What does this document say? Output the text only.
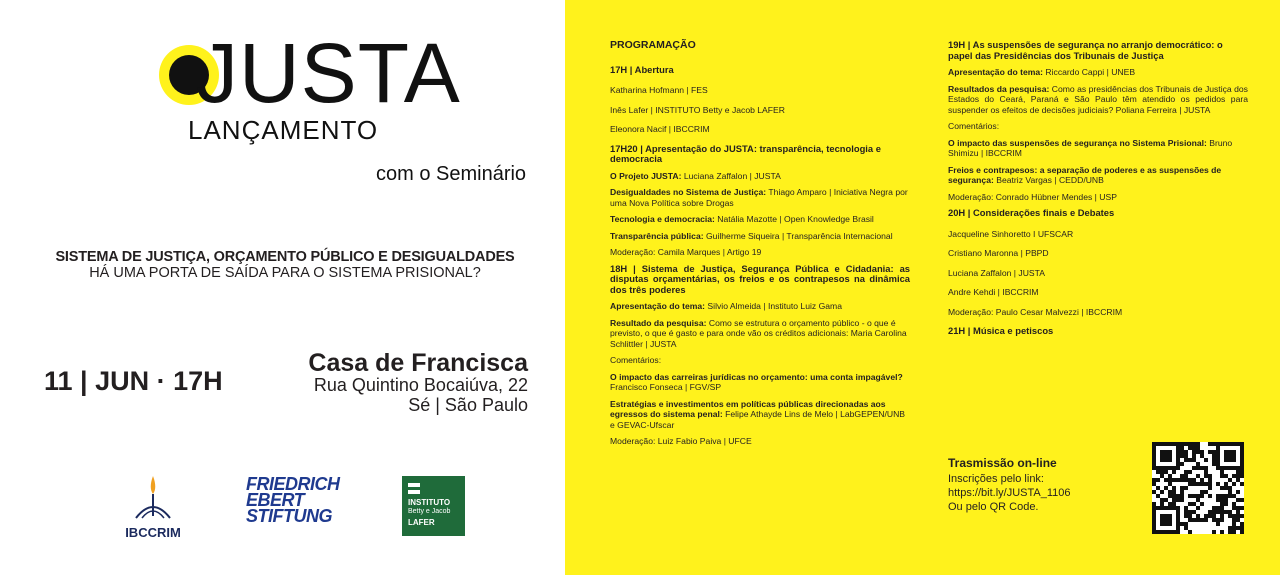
JUSTA
LANÇAMENTO
com o Seminário
SISTEMA DE JUSTIÇA, ORÇAMENTO PÚBLICO E DESIGUALDADES
HÁ UMA PORTA DE SAÍDA PARA O SISTEMA PRISIONAL?
11 | JUN · 17H
Casa de Francisca
Rua Quintino Bocaiúva, 22
Sé | São Paulo
IBCCRIM
FRIEDRICH
EBERT
STIFTUNG
INSTITUTO
Betty e Jacob
LAFER
PROGRAMAÇÃO
17H | Abertura
Katharina Hofmann | FES
Inês Lafer | INSTITUTO Betty e Jacob LAFER
Eleonora Nacif | IBCCRIM
17H20 | Apresentação do JUSTA: transparência, tecnologia e democracia
O Projeto JUSTA: Luciana Zaffalon | JUSTA
Desigualdades no Sistema de Justiça: Thiago Amparo | Iniciativa Negra por uma Nova Política sobre Drogas
Tecnologia e democracia: Natália Mazotte | Open Knowledge Brasil
Transparência pública: Guilherme Siqueira | Transparência Internacional
Moderação: Camila Marques | Artigo 19
18H | Sistema de Justiça, Segurança Pública e Cidadania: as disputas orçamentárias, os freios e os contrapesos na dinâmica dos três poderes
Apresentação do tema: Silvio Almeida | Instituto Luiz Gama
Resultado da pesquisa: Como se estrutura o orçamento público - o que é previsto, o que é gasto e para onde vão os créditos adicionais: Maria Carolina Schlittler | JUSTA
Comentários:
O impacto das carreiras jurídicas no orçamento: uma conta impagável? Francisco Fonseca | FGV/SP
Estratégias e investimentos em políticas públicas direcionadas aos egressos do sistema penal: Felipe Athayde Lins de Melo | LabGEPEN/UNB e GEVAC-Ufscar
Moderação: Luiz Fabio Paiva | UFCE
19H | As suspensões de segurança no arranjo democrático: o papel das Presidências dos Tribunais de Justiça
Apresentação do tema: Riccardo Cappi | UNEB
Resultados da pesquisa: Como as presidências dos Tribunais de Justiça dos Estados do Ceará, Paraná e São Paulo têm atendido os pedidos para suspender os efeitos de decisões judiciais? Poliana Ferreira | JUSTA
Comentários:
O impacto das suspensões de segurança no Sistema Prisional: Bruno Shimizu | IBCCRIM
Freios e contrapesos: a separação de poderes e as suspensões de segurança: Beatriz Vargas | CEDD/UNB
Moderação: Conrado Hübner Mendes | USP
20H | Considerações finais e Debates
Jacqueline Sinhoretto I UFSCAR
Cristiano Maronna | PBPD
Luciana Zaffalon | JUSTA
Andre Kehdi | IBCCRIM
Moderação: Paulo Cesar Malvezzi | IBCCRIM
21H | Música e petiscos
Trasmissão on-line
Inscrições pelo link:
https://bit.ly/JUSTA_1106
Ou pelo QR Code.
